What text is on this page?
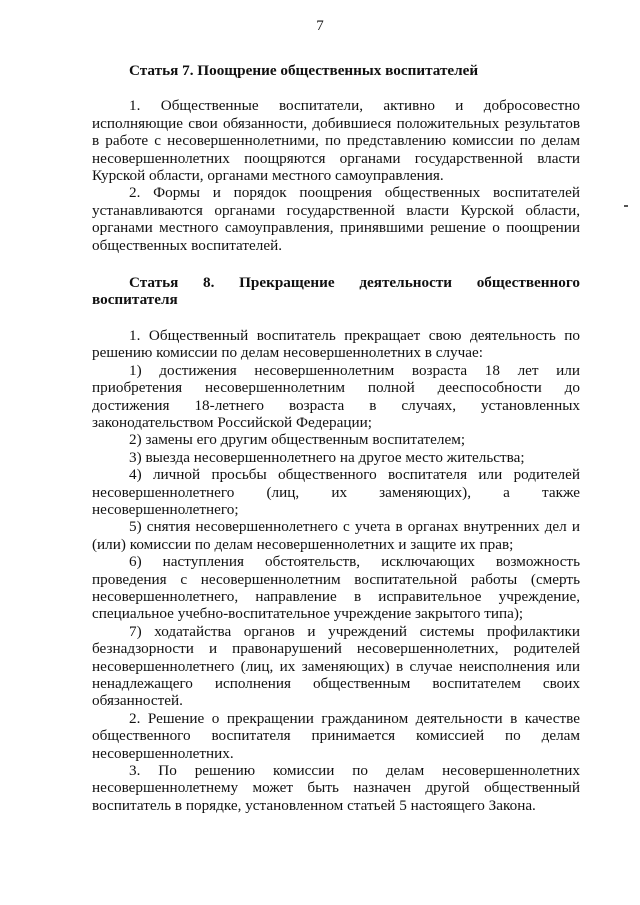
7

Статья 7. Поощрение общественных воспитателей

1. Общественные воспитатели, активно и добросовестно исполняющие свои обязанности, добившиеся положительных результатов в работе с несовершеннолетними, по представлению комиссии по делам несовершеннолетних поощряются органами государственной власти Курской области, органами местного самоуправления.

2. Формы и порядок поощрения общественных воспитателей устанавливаются органами государственной власти Курской области, органами местного самоуправления, принявшими решение о поощрении общественных воспитателей.

Статья 8. Прекращение деятельности общественного воспитателя

1. Общественный воспитатель прекращает свою деятельность по решению комиссии по делам несовершеннолетних в случае:

1) достижения несовершеннолетним возраста 18 лет или приобретения несовершеннолетним полной дееспособности до достижения 18-летнего возраста в случаях, установленных законодательством Российской Федерации;

2) замены его другим общественным воспитателем;

3) выезда несовершеннолетнего на другое место жительства;

4) личной просьбы общественного воспитателя или родителей несовершеннолетнего (лиц, их заменяющих), а также несовершеннолетнего;

5) снятия несовершеннолетнего с учета в органах внутренних дел и (или) комиссии по делам несовершеннолетних и защите их прав;

6) наступления обстоятельств, исключающих возможность проведения с несовершеннолетним воспитательной работы (смерть несовершеннолетнего, направление в исправительное учреждение, специальное учебно-воспитательное учреждение закрытого типа);

7) ходатайства органов и учреждений системы профилактики безнадзорности и правонарушений несовершеннолетних, родителей несовершеннолетнего (лиц, их заменяющих) в случае неисполнения или ненадлежащего исполнения общественным воспитателем своих обязанностей.

2. Решение о прекращении гражданином деятельности в качестве общественного воспитателя принимается комиссией по делам несовершеннолетних.

3. По решению комиссии по делам несовершеннолетних несовершеннолетнему может быть назначен другой общественный воспитатель в порядке, установленном статьей 5 настоящего Закона.
